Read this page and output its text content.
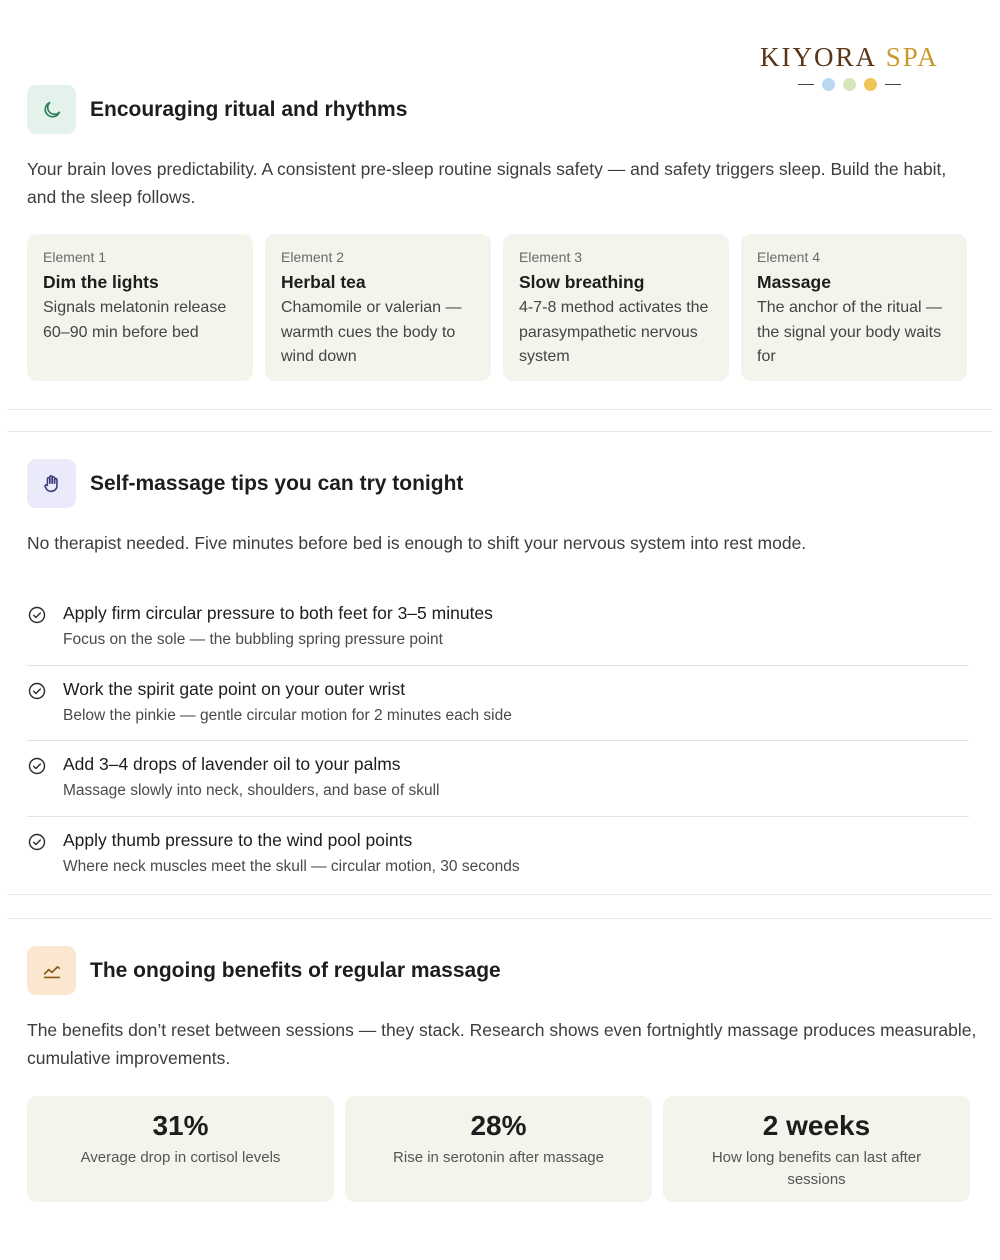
KIYORA SPA
Encouraging ritual and rhythms

Your brain loves predictability. A consistent pre-sleep routine signals safety — and safety triggers sleep. Build the habit, and the sleep follows.

Element 1
Dim the lights
Signals melatonin release 60–90 min before bed
Element 2
Herbal tea
Chamomile or valerian — warmth cues the body to wind down
Element 3
Slow breathing
4-7-8 method activates the parasympathetic nervous system
Element 4
Massage
The anchor of the ritual — the signal your body waits for
Self-massage tips you can try tonight

No therapist needed. Five minutes before bed is enough to shift your nervous system into rest mode.

Apply firm circular pressure to both feet for 3–5 minutes
Focus on the sole — the bubbling spring pressure point
Work the spirit gate point on your outer wrist
Below the pinkie — gentle circular motion for 2 minutes each side
Add 3–4 drops of lavender oil to your palms
Massage slowly into neck, shoulders, and base of skull
Apply thumb pressure to the wind pool points
Where neck muscles meet the skull — circular motion, 30 seconds
The ongoing benefits of regular massage

The benefits don’t reset between sessions — they stack. Research shows even fortnightly massage produces measurable, cumulative improvements.

31%
Average drop in cortisol levels
28%
Rise in serotonin after massage
2 weeks
How long benefits can last after sessions
